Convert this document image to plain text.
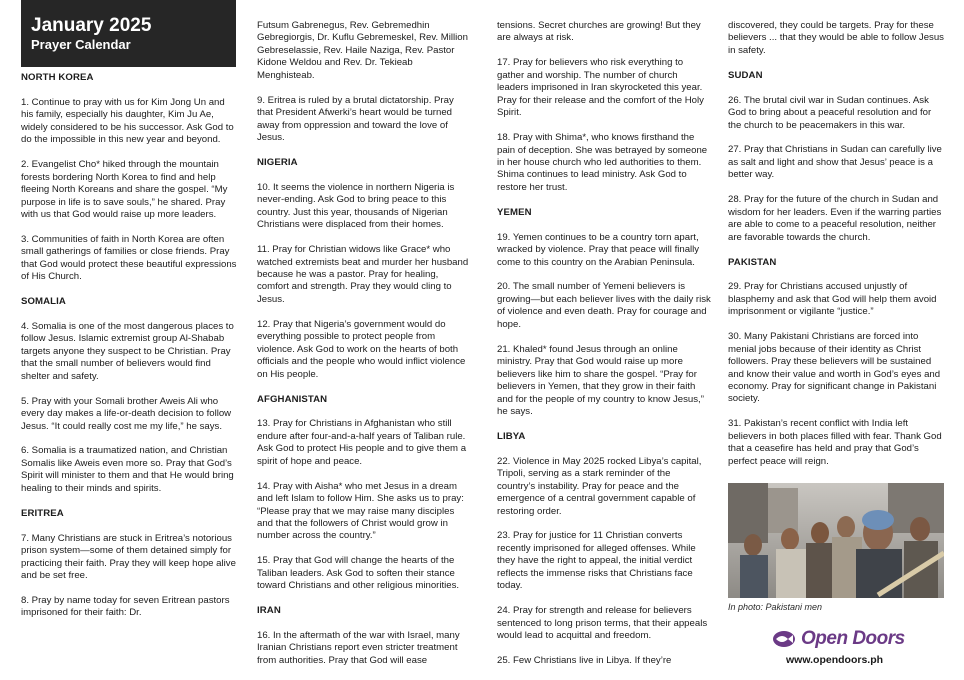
January 2025
Prayer Calendar
NORTH KOREA

1. Continue to pray with us for Kim Jong Un and his family, especially his daughter, Kim Ju Ae, widely considered to be his successor. Ask God to do the impossible in this new year and beyond.

2. Evangelist Cho* hiked through the mountain forests bordering North Korea to find and help fleeing North Koreans and share the gospel. “My purpose in life is to save souls,” he shared. Pray with us that God would raise up more leaders.

3. Communities of faith in North Korea are often small gatherings of families or close friends. Pray that God would protect these beautiful expressions of His Church.

SOMALIA

4. Somalia is one of the most dangerous places to follow Jesus. Islamic extremist group Al-Shabab targets anyone they suspect to be Christian. Pray that the small number of believers would find shelter and safety.

5. Pray with your Somali brother Aweis Ali who every day makes a life-or-death decision to follow Jesus. “It could really cost me my life,” he says.

6. Somalia is a traumatized nation, and Christian Somalis like Aweis even more so. Pray that God’s Spirit will minister to them and that He would bring healing to their minds and spirits.

ERITREA

7. Many Christians are stuck in Eritrea’s notorious prison system—some of them detained simply for practicing their faith. Pray they will keep hope alive and be set free.

8. Pray by name today for seven Eritrean pastors imprisoned for their faith: Dr.

Futsum Gabrenegus, Rev. Gebremedhin Gebregiorgis, Dr. Kuflu Gebremeskel, Rev. Million Gebreselassie, Rev. Haile Naziga, Rev. Pastor Kidone Weldou and Rev. Dr. Tekieab Menghisteab.

9. Eritrea is ruled by a brutal dictatorship. Pray that President Afwerki’s heart would be turned away from oppression and toward the love of Jesus.

NIGERIA

10. It seems the violence in northern Nigeria is never-ending. Ask God to bring peace to this country. Just this year, thousands of Nigerian Christians were displaced from their homes.

11. Pray for Christian widows like Grace* who watched extremists beat and murder her husband because he was a pastor. Pray for healing, comfort and strength. Pray they would cling to Jesus.

12. Pray that Nigeria’s government would do everything possible to protect people from violence. Ask God to work on the hearts of both officials and the people who would inflict violence on His people.

AFGHANISTAN

13. Pray for Christians in Afghanistan who still endure after four-and-a-half years of Taliban rule. Ask God to protect His people and to give them a spirit of hope and peace.

14. Pray with Aisha* who met Jesus in a dream and left Islam to follow Him. She asks us to pray: “Please pray that we may raise many disciples and that the followers of Christ would grow in number across the country.”

15. Pray that God will change the hearts of the Taliban leaders. Ask God to soften their stance toward Christians and other religious minorities.

IRAN

16. In the aftermath of the war with Israel, many Iranian Christians report even stricter treatment from authorities. Pray that God will ease

tensions. Secret churches are growing! But they are always at risk.

17. Pray for believers who risk everything to gather and worship. The number of church leaders imprisoned in Iran skyrocketed this year. Pray for their release and the comfort of the Holy Spirit.

18. Pray with Shima*, who knows firsthand the pain of deception. She was betrayed by someone in her house church who led authorities to them. Shima continues to lead ministry. Ask God to restore her trust.

YEMEN

19. Yemen continues to be a country torn apart, wracked by violence. Pray that peace will finally come to this country on the Arabian Peninsula.

20. The small number of Yemeni believers is growing—but each believer lives with the daily risk of violence and even death. Pray for courage and hope.

21. Khaled* found Jesus through an online ministry. Pray that God would raise up more believers like him to share the gospel. “Pray for believers in Yemen, that they grow in their faith and for the people of my country to know Jesus,” he says.

LIBYA

22. Violence in May 2025 rocked Libya’s capital, Tripoli, serving as a stark reminder of the country’s instability. Pray for peace and the emergence of a central government capable of restoring order.

23. Pray for justice for 11 Christian converts recently imprisoned for alleged offenses. While they have the right to appeal, the initial verdict reflects the immense risks that Christians face today.

24. Pray for strength and release for believers sentenced to long prison terms, that their appeals would lead to acquittal and freedom.

25. Few Christians live in Libya. If they’re

discovered, they could be targets. Pray for these believers ... that they would be able to follow Jesus in safety.

SUDAN

26. The brutal civil war in Sudan continues. Ask God to bring about a peaceful resolution and for the church to be peacemakers in this war.

27. Pray that Christians in Sudan can carefully live as salt and light and show that Jesus’ peace is a better way.

28. Pray for the future of the church in Sudan and wisdom for her leaders. Even if the warring parties are able to come to a peaceful resolution, neither are favorable towards the church.

PAKISTAN

29. Pray for Christians accused unjustly of blasphemy and ask that God will help them avoid imprisonment or vigilante “justice.”

30. Many Pakistani Christians are forced into menial jobs because of their identity as Christ followers. Pray these believers will be sustained and know their value and worth in God’s eyes and economy. Pray for significant change in Pakistani society.

31. Pakistan’s recent conflict with India left believers in both places filled with fear. Thank God that a ceasefire has held and pray that God’s perfect peace will reign.

In photo: Pakistani men
Open Doors
www.opendoors.ph
